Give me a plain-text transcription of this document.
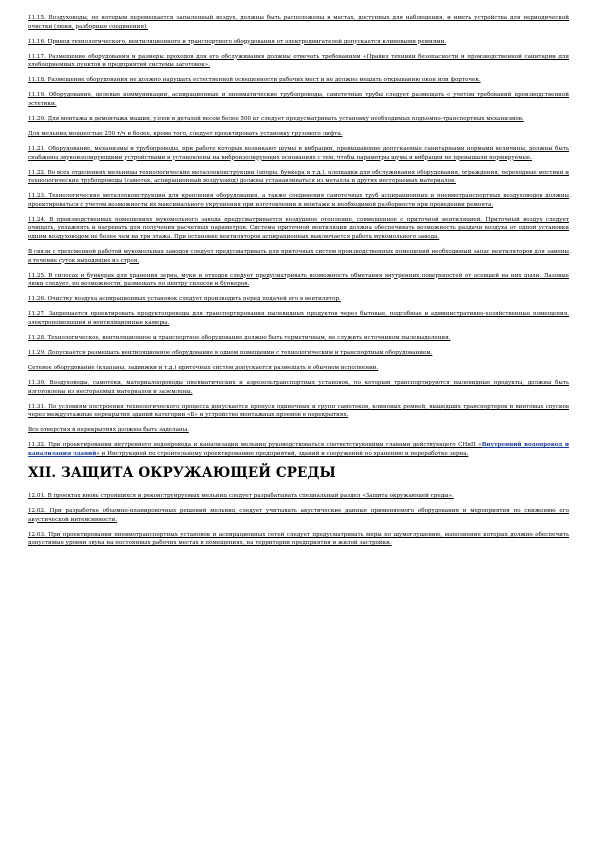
11.15. Воздуховоды, по которым перемещается запыленный воздух, должны быть расположены в местах, доступных для наблюдения, и иметь устройства для периодической очистки (люки, разборные соединения).

11.16. Привод технологического, вентиляционного и транспортного оборудования от электродвигателей допускается клиновыми ремнями.

11.17. Размещение оборудования и размеры проходов для его обслуживания должны отвечать требованиям «Правил техники безопасности и производственной санитарии для хлебоприемных пунктов и предприятий системы заготовок».

11.18. Размещение оборудования не должно нарушать естественной освещенности рабочих мест и не должно мешать открыванию окон или форточек.

11.19. Оборудование, целевые коммуникации, аспирационные и пневматические трубопроводы, самотечные трубы следует размещать с учетом требований производственной эстетики.

11.20. Для монтажа и демонтажа машин, узлов и деталей весом более 500 кг следует предусматривать установку необходимых подъемно-транспортных механизмов.

Для мельниц мощностью 250 т/ч и более, кроме того, следует проектировать установку грузового лифта.

11.21. Оборудование, механизмы и трубопроводы, при работе которых возникают шумы и вибрации, превышающие допускаемые санитарными нормами величины, должны быть снабжены звукоизолирующими устройствами и установлены на виброизолирующих основаниях с тем, чтобы параметры шума и вибрации не превышали нормируемые.

11.22. Во всех отделениях мельницы технологические металлоконструкции (опоры, бункера и т.д.), площадки для обслуживания оборудования, ограждения, переходные мостики и технологические трубопроводы (самотек, аспирационный воздуховод) должны устанавливаться из металла и других несгораемых материалов.

11.23. Технологические металлоконструкции для крепления оборудования, а также соединения самотечных труб аспирационных и пневмотранспортных воздуховодов должны проектироваться с учетом возможности их максимального укрупнения при изготовлении и монтаже и необходимой разборности при проведении ремонта.

11.24. В производственных помещениях мукомольного завода предусматривается воздушное отопление, совмещенное с приточной вентиляцией. Приточный воздух следует очищать, увлажнять и нагревать для получения расчетных параметров. Система приточной вентиляции должна обеспечивать возможность раздачи воздуха от одной установки одним воздуховодом не более чем на три этажа. При остановке вентиляторов аспирационных выключается работа мукомольного завода.

В связи с трехсменной работой мукомольных заводов следует предусматривать для приточных систем производственных помещений необходимый запас вентиляторов для замены в течение суток выходящих из строя.

11.25. В силосах и бункерах для хранения зерна, муки и отходов следует предусматривать возможность обметания внутренних поверхностей от осевшей на них пыли. Лазовые люки следует, по возможности, размещать по центру силосов и бункеров.

11.26. Очистку воздуха аспирационных установок следует производить перед подачей его в вентилятор.

11.27. Запрещается проектировать продуктопроводы для транспортирования пылевидных продуктов через бытовые, подсобные и административно-хозяйственные помещения, электропомещения и вентиляционные камеры.

11.28. Технологическое, вентиляционное и транспортное оборудование должно быть герметичным, не служить источником пылевыделения.

11.29. Допускается размещать вентиляционное оборудование в одном помещении с технологическим и транспортным оборудованием.

Сетевое оборудование (клапаны, задвижки и т.д.) приточных систем допускается размещать в обычном исполнении.

11.30. Воздуховоды, самотеки, материалопроводы пневматических и аэрозольтранспортных установок, по которым транспортируются пылевидные продукты, должны быть изготовлены из несгораемых материалов и заземлены.

11.31. По условиям построения технологического процесса допускается пропуск одиночных и групп самотеков, клиновых ремней, вышедших транспортеров и винтовых спусков через междуэтажные перекрытия зданий категории «Б» и устройство монтажных проемов в перекрытиях.

Все отверстия в перекрытиях должны быть заделаны.

11.32. При проектировании внутреннего водопровода и канализации мельниц руководствоваться соответствующими главами действующего СНиП «Внутренний водопровод и канализация зданий» и Инструкцией по строительному проектированию предприятий, зданий и сооружений по хранению и переработке зерна.

XII. ЗАЩИТА ОКРУЖАЮЩЕЙ СРЕДЫ

12.01. В проектах вновь строящихся и реконструируемых мельниц следует разрабатывать специальный раздел «Защита окружающей среды».

12.02. При разработке объемно-планировочных решений мельниц следует учитывать акустические данные применяемого оборудования и мероприятия по снижению его акустической интенсивности.

12.03. При проектировании пневмотранспортных установок и аспирационных сетей следует предусматривать меры по шумоглушению, выполнение которых должно обеспечить допустимые уровни звука на постоянных рабочих местах в помещениях, на территории предприятия и жилой застройки.
